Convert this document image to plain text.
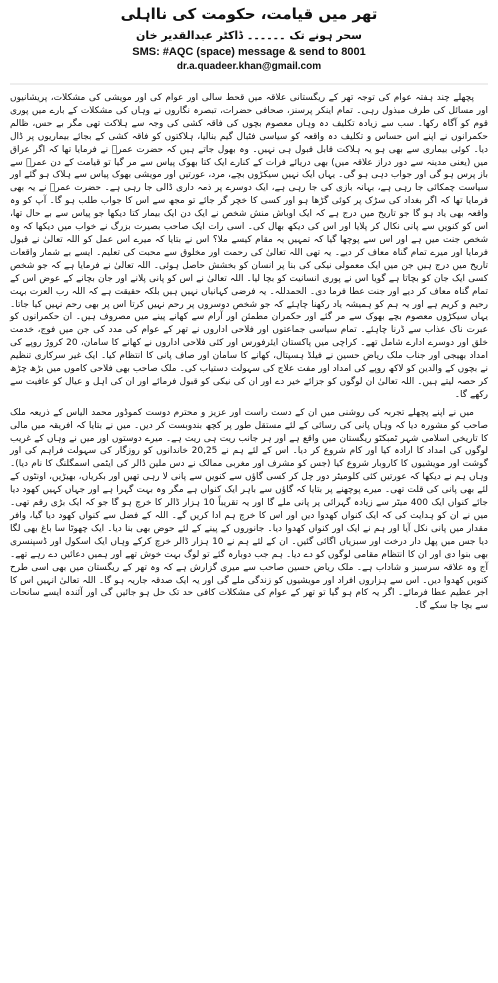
تھر میں قیامت، حکومت کی نااہلی
سحر ہونے تک ۔۔۔۔۔۔ ڈاکٹر عبدالقدیر خان
SMS: #AQC (space) message & send to 8001
dr.a.quadeer.khan@gmail.com

پچھلے چند ہفتہ عوام کی توجہ تھر کے ریگستانی علاقہ میں قحط سالی اور عوام کی اور مویشی کی مشکلات، پریشانیوں اور مسائل کی طرف مبذول رہی۔ تمام اینکر پرسنز، صحافی حضرات، تبصرہ نگاروں نے وہاں کی مشکلات کے بارے میں پوری قوم کو آگاہ رکھا۔ سب سے زیادہ تکلیف دہ وہاں معصوم بچوں کی فاقہ کشی کی وجہ سے ہلاکت تھی مگر بے حس، ظالم حکمرانوں نے اپنے اس حساس و تکلیف دہ واقعہ کو سیاسی فٹبال گیم بنالیا، ہلاکتوں کو فاقہ کشی کے بجائے بیماریوں پر ڈال دیا۔ کوئی بیماری سے بھی ہو یہ ہلاکت قابل قبول ہی نہیں۔ وہ بھول جاتے ہیں کہ حضرت عمرؓ نے فرمایا تھا کہ اگر عراق میں (یعنی مدینہ سے دور دراز علاقہ میں) بھی دریائے فرات کے کنارے ایک کتا بھوک پیاس سے مر گیا تو قیامت کے دن عمرؓ سے باز پرس ہو گی اور جواب دہی ہو گی۔ یہاں ایک نہیں سیکڑوں بچے، مرد، عورتیں اور مویشی بھوک پیاس سے ہلاک ہو گئے اور سیاست چمکائی جا رہی ہے، بہانہ بازی کی جا رہی ہے، ایک دوسرے پر ذمہ داری ڈالی جا رہی ہے۔ حضرت عمرؓ نے یہ بھی فرمایا تھا کہ اگر بغداد کی سڑک پر کوئی گڑھا ہو اور کسی کا خچر گر جائے تو مجھ سے اس کا جواب طلب ہو گا۔ آپ کو وہ واقعہ بھی یاد ہو گا جو تاریخ میں درج ہے کہ ایک اوباش منش شخص نے ایک دن ایک بیمار کتا دیکھا جو پیاس سے بے حال تھا، اس کو کنویں سے پانی نکال کر پلایا اور اس کی دیکھ بھال کی۔ اسی رات ایک صاحب بصیرت بزرگ نے خواب میں دیکھا کہ وہ شخص جنت میں ہے اور اس سے پوچھا گیا کہ تمہیں یہ مقام کیسے ملا؟ اس نے بتایا کہ میرے اس عمل کو اللہ تعالیٰ نے قبول فرمایا اور میرے تمام گناہ معاف کر دیے۔ یہ تھی اللہ تعالیٰ کی رحمت اور مخلوق سے محبت کی تعلیم۔ ایسے بے شمار واقعات تاریخ میں درج ہیں جن میں ایک معمولی نیکی کی بنا پر انسان کو بخشش حاصل ہوئی۔ اللہ تعالیٰ نے فرمایا ہے کہ جو شخص کسی ایک جان کو بچاتا ہے گویا اس نے پوری انسانیت کو بچا لیا۔ اللہ تعالیٰ نے اس کو پانی پلانے اور جان بچانے کے عوض اس کے تمام گناہ معاف کر دیے اور جنت عطا فرما دی۔ الحمدللہ۔ یہ فرضی کہانیاں نہیں ہیں بلکہ حقیقت ہے کہ اللہ رب العزت بہت رحیم و کریم ہے اور یہ ہم کو ہمیشہ یاد رکھنا چاہئے کہ جو شخص دوسروں پر رحم نہیں کرتا اس پر بھی رحم نہیں کیا جاتا۔ یہاں سیکڑوں معصوم بچے بھوک سے مر گئے اور حکمران مطمئن اور آرام سے کھانے پینے میں مصروف ہیں۔ ان حکمرانوں کو عبرت ناک عذاب سے ڈرنا چاہئے۔ تمام سیاسی جماعتوں اور فلاحی اداروں نے تھر کے عوام کی مدد کی جن میں فوج، خدمت خلق اور دوسرے ادارے شامل تھے۔ کراچی میں پاکستان ایئرفورس اور کئی فلاحی اداروں نے کھانے کا سامان، 20 کروڑ روپے کی امداد بھیجی اور جناب ملک ریاض حسین نے فیلڈ ہسپتال، کھانے کا سامان اور صاف پانی کا انتظام کیا۔ ایک غیر سرکاری تنظیم نے بچوں کے والدین کو لاکھ روپے کی امداد اور مفت علاج کی سہولت دستیاب کی۔ ملک صاحب بھی فلاحی کاموں میں بڑھ چڑھ کر حصہ لیتے ہیں۔ اللہ تعالیٰ ان لوگوں کو جزائے خیر دے اور ان کی نیکی کو قبول فرمائے اور ان کی اہل و عیال کو عافیت سے رکھے گا۔

میں نے اپنے پچھلے تجربہ کی روشنی میں ان کے دست راست اور عزیز و محترم دوست کموڈور محمد الیاس کے ذریعہ ملک صاحب کو مشورہ دیا کہ وہاں پانی کی رسائی کے لئے مستقل طور پر کچھ بندوبست کر دیں۔ میں نے بتایا کہ افریقہ میں مالی کا تاریخی اسلامی شہر ٹمبکٹو ریگستان میں واقع ہے اور ہر جانب ریت ہی ریت ہے۔ میرے دوستوں اور میں نے وہاں کے غریب لوگوں کی امداد کا ارادہ کیا اور کام شروع کر دیا۔ اس کے لئے ہم نے 20,25 خاندانوں کو روزگار کی سہولت فراہم کی اور گوشت اور مویشیوں کا کاروبار شروع کیا (جس کو مشرف اور مغربی ممالک نے دس ملین ڈالر کی ایٹمی اسمگلنگ کا نام دیا)۔ وہاں ہم نے دیکھا کہ عورتیں کئی کلومیٹر دور چل کر کسی گاؤں سے کنویں سے پانی لا رہی تھیں اور بکریاں، بھیڑیں، اونٹوں کے لئے بھی پانی کی قلت تھی۔ میرے پوچھنے پر بتایا کہ گاؤں سے باہر ایک کنواں ہے مگر وہ بہت گہرا ہے اور جہاں کہیں کھود دیا جائے کنواں ایک 400 میٹر سے زیادہ گہرائی پر پانی ملے گا اور یہ تقریباً 10 ہزار ڈالر کا خرچ ہو گا جو کہ ایک بڑی رقم تھی۔ میں نے ان کو ہدایت کی کہ ایک کنواں کھدوا دیں اور اس کا خرچ ہم ادا کریں گے۔ اللہ کے فضل سے کنواں کھود دیا گیا، وافر مقدار میں پانی نکل آیا اور ہم نے ایک اور کنواں کھدوا دیا۔ جانوروں کے پینے کے لئے حوض بھی بنا دیا۔ ایک چھوٹا سا باغ بھی لگا دیا جس میں پھل دار درخت اور سبزیاں اگائی گئیں۔ ان کے لئے ہم نے 10 ہزار ڈالر خرچ کرکے وہاں ایک اسکول اور ڈسپنسری بھی بنوا دی اور ان کا انتظام مقامی لوگوں کو دے دیا۔ ہم جب دوبارہ گئے تو لوگ بہت خوش تھے اور ہمیں دعائیں دے رہے تھے۔ آج وہ علاقہ سرسبز و شاداب ہے۔ ملک ریاض حسین صاحب سے میری گزارش ہے کہ وہ تھر کے ریگستان میں بھی اسی طرح کنویں کھدوا دیں۔ اس سے ہزاروں افراد اور مویشیوں کو زندگی ملے گی اور یہ ایک صدقہ جاریہ ہو گا۔ اللہ تعالیٰ انہیں اس کا اجر عظیم عطا فرمائے۔ اگر یہ کام ہو گیا تو تھر کے عوام کی مشکلات کافی حد تک حل ہو جائیں گی اور آئندہ ایسے سانحات سے بچا جا سکے گا۔
